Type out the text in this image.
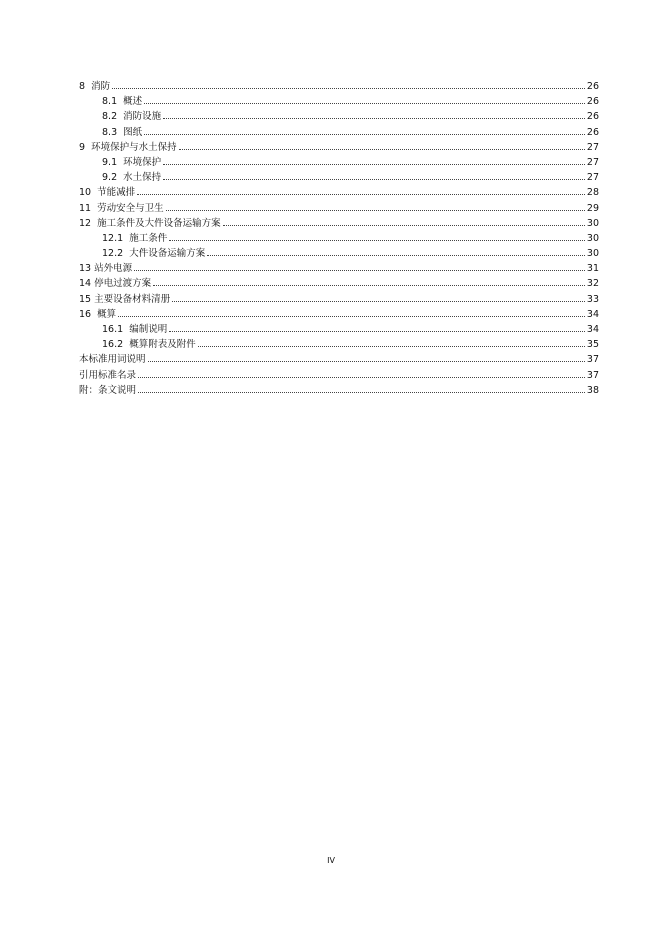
8 消防	26
8.1 概述	26
8.2 消防设施	26
8.3 图纸	26
9 环境保护与水土保持	27
9.1 环境保护	27
9.2 水土保持	27
10 节能减排	28
11 劳动安全与卫生	29
12 施工条件及大件设备运输方案	30
12.1 施工条件	30
12.2 大件设备运输方案	30
13 站外电源	31
14 停电过渡方案	32
15 主要设备材料清册	33
16 概算	34
16.1 编制说明	34
16.2 概算附表及附件	35
本标准用词说明	37
引用标准名录	37
附：条文说明	38
IV
